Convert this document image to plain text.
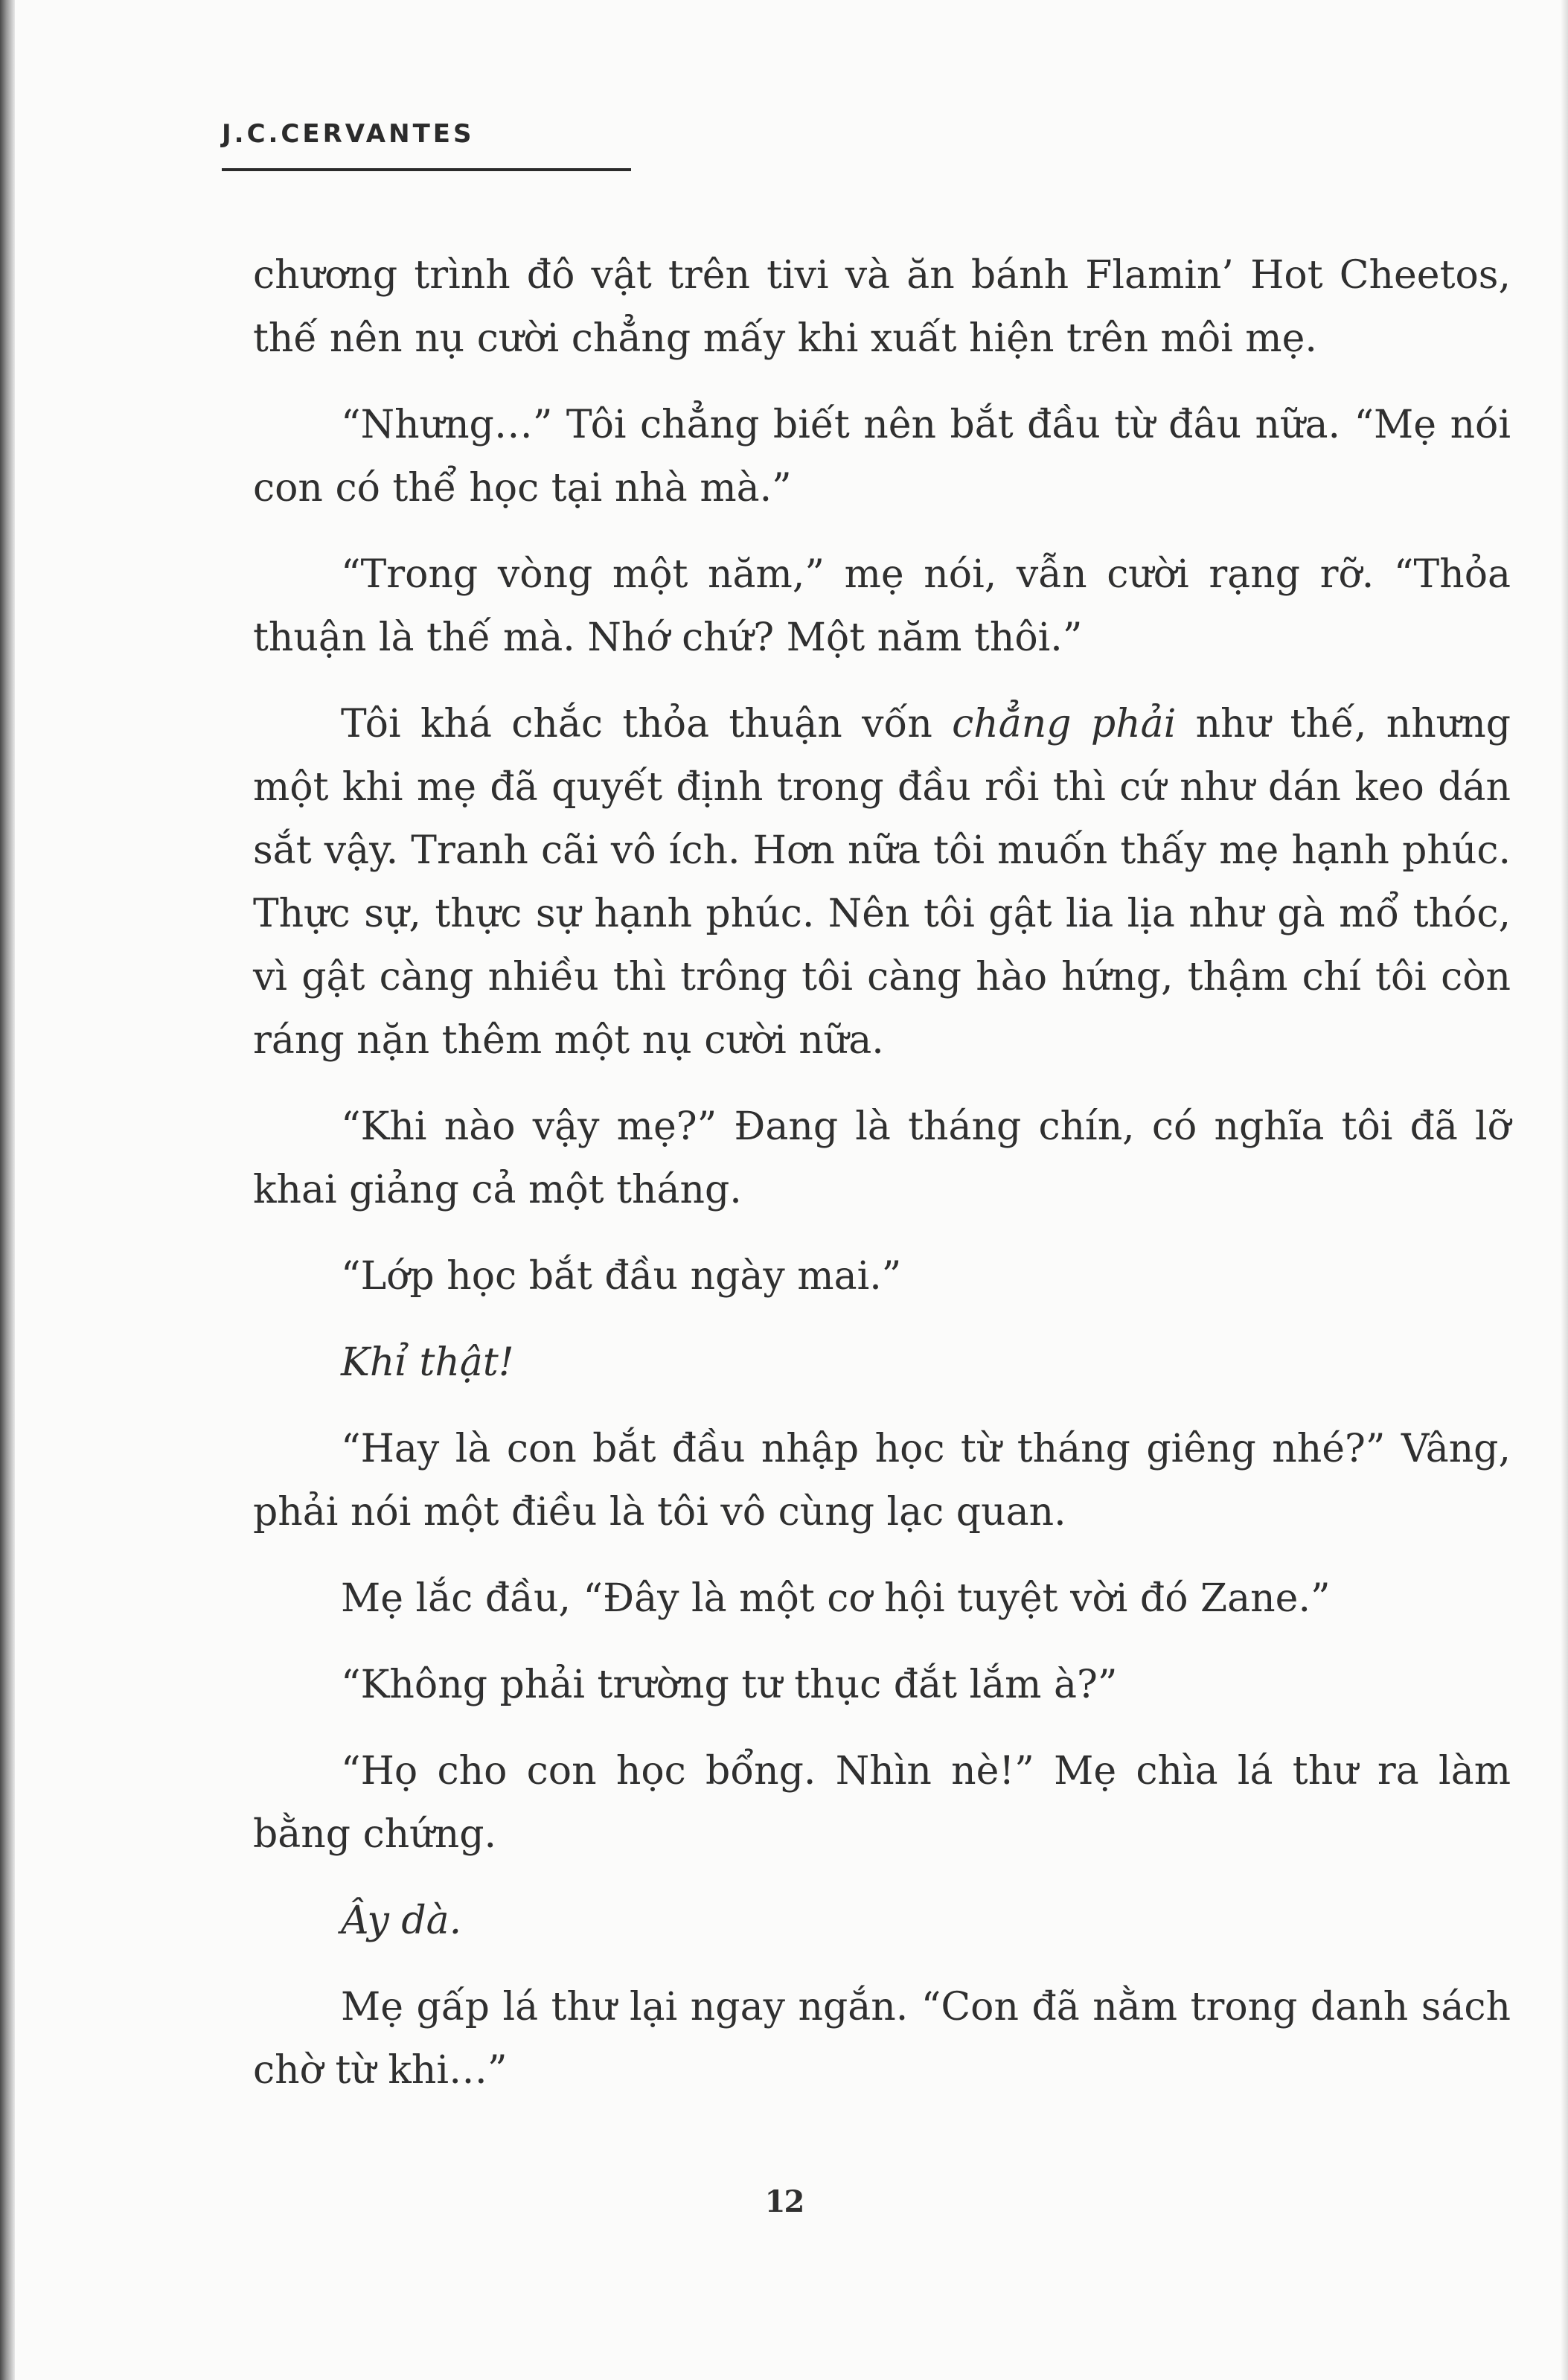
J.C.CERVANTES

chương trình đô vật trên tivi và ăn bánh Flamin’ Hot Cheetos, thế nên nụ cười chẳng mấy khi xuất hiện trên môi mẹ.

“Nhưng…” Tôi chẳng biết nên bắt đầu từ đâu nữa. “Mẹ nói con có thể học tại nhà mà.”

“Trong vòng một năm,” mẹ nói, vẫn cười rạng rỡ. “Thỏa thuận là thế mà. Nhớ chứ? Một năm thôi.”

Tôi khá chắc thỏa thuận vốn chẳng phải như thế, nhưng một khi mẹ đã quyết định trong đầu rồi thì cứ như dán keo dán sắt vậy. Tranh cãi vô ích. Hơn nữa tôi muốn thấy mẹ hạnh phúc. Thực sự, thực sự hạnh phúc. Nên tôi gật lia lịa như gà mổ thóc, vì gật càng nhiều thì trông tôi càng hào hứng, thậm chí tôi còn ráng nặn thêm một nụ cười nữa.

“Khi nào vậy mẹ?” Đang là tháng chín, có nghĩa tôi đã lỡ khai giảng cả một tháng.

“Lớp học bắt đầu ngày mai.”

Khỉ thật!

“Hay là con bắt đầu nhập học từ tháng giêng nhé?” Vâng, phải nói một điều là tôi vô cùng lạc quan.

Mẹ lắc đầu, “Đây là một cơ hội tuyệt vời đó Zane.”

“Không phải trường tư thục đắt lắm à?”

“Họ cho con học bổng. Nhìn nè!” Mẹ chìa lá thư ra làm bằng chứng.

Ây dà.

Mẹ gấp lá thư lại ngay ngắn. “Con đã nằm trong danh sách chờ từ khi…”

12
